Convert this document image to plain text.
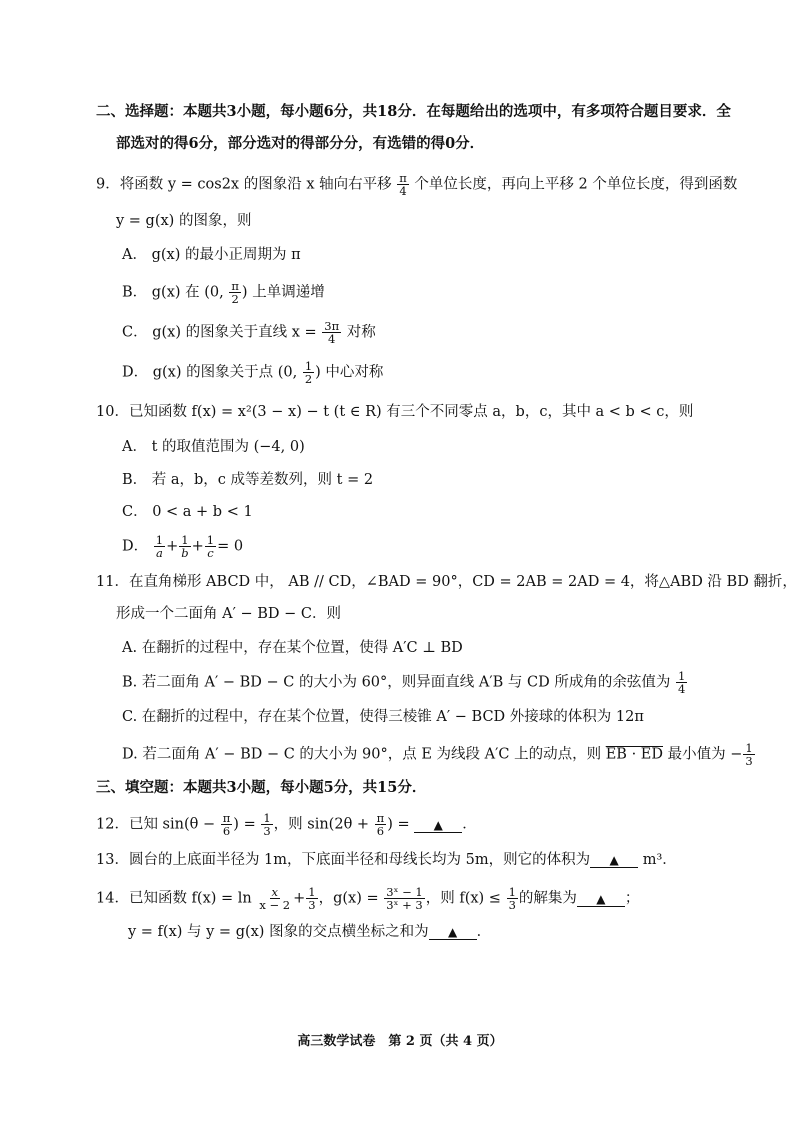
二、选择题：本题共3小题，每小题6分，共18分．在每题给出的选项中，有多项符合题目要求．全
部选对的得6分，部分选对的得部分分，有选错的得0分．
9．将函数 y = cos2x 的图象沿 x 轴向右平移 $\frac{\pi}{4}$ 个单位长度，再向上平移 2 个单位长度，得到函数
y = g(x) 的图象，则
A． g(x) 的最小正周期为 π
B． g(x) 在 (0, $\frac{\pi}{2}$ ) 上单调递增
C． g(x) 的图象关于直线 $x = \frac{3\pi}{4}$ 对称
D． g(x) 的图象关于点 (0, $\frac{1}{2}$ ) 中心对称
10．已知函数 f(x) = x²(3 − x) − t (t ∈ R) 有三个不同零点 a，b，c，其中 a < b < c，则
A． t 的取值范围为 (−4, 0)
B． 若 a，b，c 成等差数列，则 t = 2
C． 0 < a + b < 1
D． $\frac{1}{a} + \frac{1}{b} + \frac{1}{c} = 0$
11．在直角梯形 ABCD 中， AB // CD，∠BAD = 90°，CD = 2AB = 2AD = 4，将△ABD 沿 BD 翻折，
形成一个二面角 A′ − BD − C．则
A. 在翻折的过程中，存在某个位置，使得 A′C ⊥ BD
B. 若二面角 A′ − BD − C 的大小为 60°，则异面直线 A′B 与 CD 所成角的余弦值为 $\frac{1}{4}$
C. 在翻折的过程中，存在某个位置，使得三棱锥 A′ − BCD 外接球的体积为 12π
D. 若二面角 A′ − BD − C 的大小为 90°，点 E 为线段 A′C 上的动点，则 EB · ED 最小值为 − $\frac{1}{3}$
三、填空题：本题共3小题，每小题5分，共15分．
12．已知 $\sin(\theta - \frac{\pi}{6}$ ) = $\frac{1}{3}$ ，则 $\sin(2\theta + \frac{\pi}{6}$ ) = ▲ ．
13．圆台的上底面半径为 1m，下底面半径和母线长均为 5m，则它的体积为 ▲ m³．
14．已知函数 $f(x) = \ln \frac{x}{x - 2} + \frac{1}{3}$ ，$g(x) = \frac{\text{3ˣ − 1}}{\text{3ˣ + 3}}$ ，则 $f(x) \le \frac{1}{3}$ 的解集为 ▲ ；
y = f(x) 与 y = g(x) 图象的交点横坐标之和为 ▲ ．
高三数学试卷　第 2 页（共 4 页）
